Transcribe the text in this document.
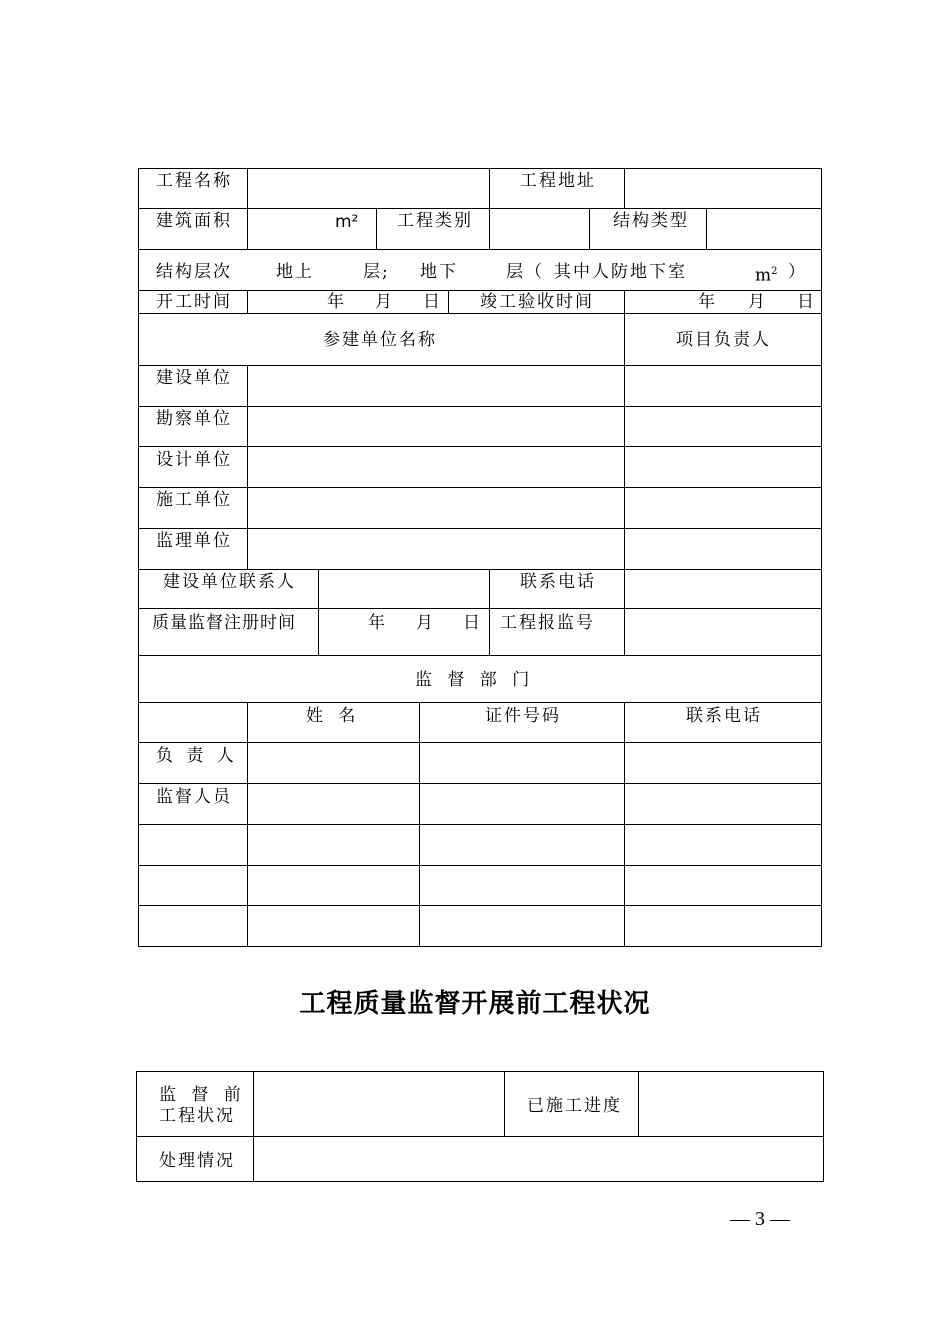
工程名称	工程地址
建筑面积	m² 工程类别	结构类型
结构层次	地上	层; 地下	层（ 其中人防地下室	$m^2$ ）
开工时间	年 月 日 竣工验收时间	年 月 日
参建单位名称	项目负责人
建设单位
勘察单位
设计单位
施工单位
监理单位
建设单位联系人	联系电话
质量监督注册时间	年 月 日 工程报监号
监 督 部 门
姓 名	证件号码	联系电话
负 责 人
监督人员
工程质量监督开展前工程状况
监 督 前
工程状况	已施工进度
处理情况
— 3 —
